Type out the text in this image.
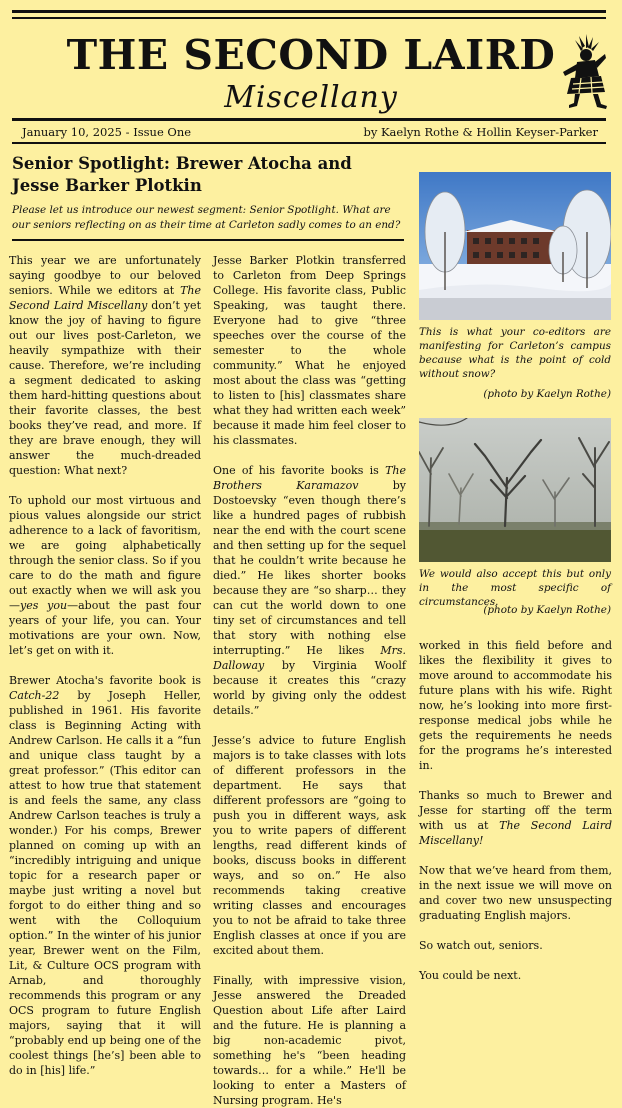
THE SECOND LAIRD
Miscellany
January 10, 2025 - Issue One	by Kaelyn Rothe & Hollin Keyser-Parker
Senior Spotlight: Brewer Atocha and Jesse Barker Plotkin
Please let us introduce our newest segment: Senior Spotlight. What are our seniors reflecting on as their time at Carleton sadly comes to an end?

This year we are unfortunately saying goodbye to our beloved seniors. While we editors at The Second Laird Miscellany don’t yet know the joy of having to figure out our lives post-Carleton, we heavily sympathize with their cause. Therefore, we’re including a segment dedicated to asking them hard-hitting questions about their favorite classes, the best books they’ve read, and more. If they are brave enough, they will answer the much-dreaded question: What next?

To uphold our most virtuous and pious values alongside our strict adherence to a lack of favoritism, we are going alphabetically through the senior class. So if you care to do the math and figure out exactly when we will ask you—yes you—about the past four years of your life, you can. Your motivations are your own. Now, let’s get on with it.

Brewer Atocha's favorite book is Catch-22 by Joseph Heller, published in 1961. His favorite class is Beginning Acting with Andrew Carlson. He calls it a “fun and unique class taught by a great professor.” (This editor can attest to how true that statement is and feels the same, any class Andrew Carlson teaches is truly a wonder.) For his comps, Brewer planned on coming up with an “incredibly intriguing and unique topic for a research paper or maybe just writing a novel but forgot to do either thing and so went with the Colloquium option.” In the winter of his junior year, Brewer went on the Film, Lit, & Culture OCS program with Arnab, and thoroughly recommends this program or any OCS program to future English majors, saying that it will “probably end up being one of the coolest things [he’s] been able to do in [his] life.”

Jesse Barker Plotkin transferred to Carleton from Deep Springs College. His favorite class, Public Speaking, was taught there. Everyone had to give “three speeches over the course of the semester to the whole community.” What he enjoyed most about the class was “getting to listen to [his] classmates share what they had written each week” because it made him feel closer to his classmates.

One of his favorite books is The Brothers Karamazov by Dostoevsky “even though there’s like a hundred pages of rubbish near the end with the court scene and then setting up for the sequel that he couldn’t write because he died.” He likes shorter books because they are “so sharp… they can cut the world down to one tiny set of circumstances and tell that story with nothing else interrupting.” He likes Mrs. Dalloway by Virginia Woolf because it creates this “crazy world by giving only the oddest details.”

Jesse’s advice to future English majors is to take classes with lots of different professors in the department. He says that different professors are “going to push you in different ways, ask you to write papers of different lengths, read different kinds of books, discuss books in different ways, and so on.” He also recommends taking creative writing classes and encourages you to not be afraid to take three English classes at once if you are excited about them.

Finally, with impressive vision, Jesse answered the Dreaded Question about Life after Laird and the future. He is planning a big non-academic pivot, something he's “been heading towards… for a while.” He'll be looking to enter a Masters of Nursing program. He's

This is what your co-editors are manifesting for Carleton’s campus because what is the point of cold without snow?
(photo by Kaelyn Rothe)
We would also accept this but only in the most specific of circumstances.
(photo by Kaelyn Rothe)

worked in this field before and likes the flexibility it gives to move around to accommodate his future plans with his wife. Right now, he’s looking into more first-response medical jobs while he gets the requirements he needs for the programs he’s interested in.

Thanks so much to Brewer and Jesse for starting off the term with us at The Second Laird Miscellany!

Now that we’ve heard from them, in the next issue we will move on and cover two new unsuspecting graduating English majors.

So watch out, seniors.

You could be next.
